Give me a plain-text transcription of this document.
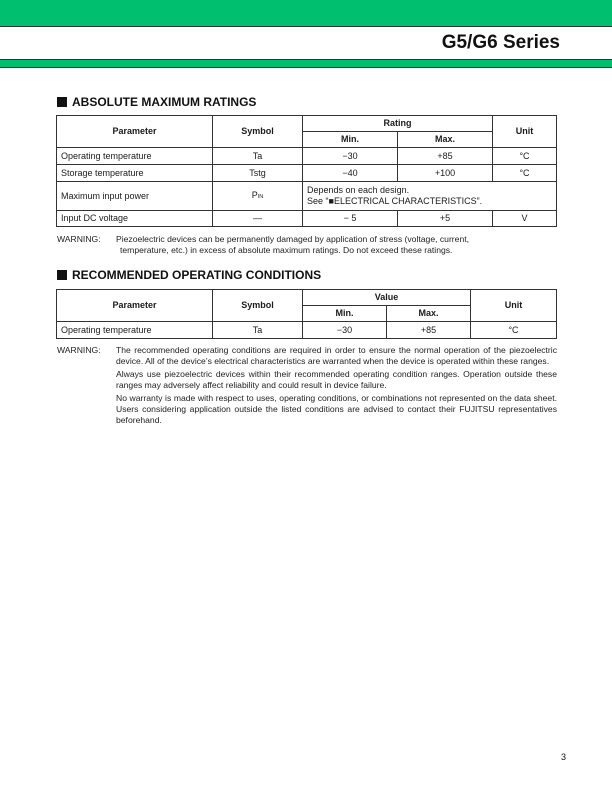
G5/G6 Series
ABSOLUTE MAXIMUM RATINGS
Parameter	Symbol	Rating		Unit
		Min.	Max.	
Operating temperature	Ta	−30	+85	°C
Storage temperature	Tstg	−40	+100	°C
Maximum input power	PIN	Depends on each design.
See “■ELECTRICAL CHARACTERISTICS”.		

Input DC voltage	—	− 5	+5	V
WARNING: Piezoelectric devices can be permanently damaged by application of stress (voltage, current,
temperature, etc.) in excess of absolute maximum ratings. Do not exceed these ratings.
RECOMMENDED OPERATING CONDITIONS
Parameter	Symbol	Value		Unit
		Min.	Max.	
Operating temperature	Ta	−30	+85	°C
WARNING: The recommended operating conditions are required in order to ensure the normal operation of the piezoelectric device. All of the device’s electrical characteristics are warranted when the device is operated within these ranges.

Always use piezoelectric devices within their recommended operating condition ranges. Operation outside these ranges may adversely affect reliability and could result in device failure.

No warranty is made with respect to uses, operating conditions, or combinations not represented on the data sheet. Users considering application outside the listed conditions are advised to contact their FUJITSU representatives beforehand.

3
